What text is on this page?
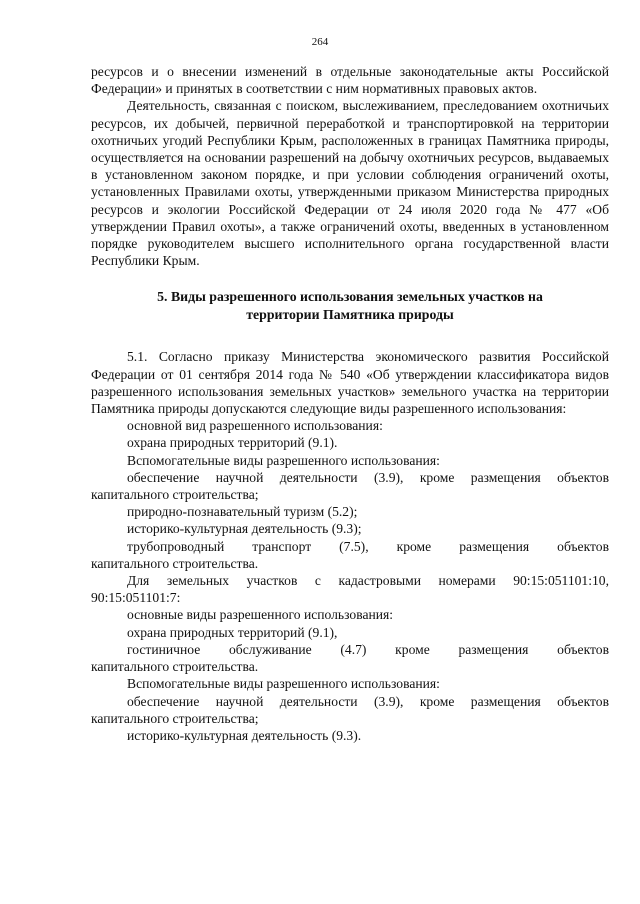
264

ресурсов и о внесении изменений в отдельные законодательные акты Российской Федерации» и принятых в соответствии с ним нормативных правовых актов.

Деятельность, связанная с поиском, выслеживанием, преследованием охотничьих ресурсов, их добычей, первичной переработкой и транспортировкой на территории охотничьих угодий Республики Крым, расположенных в границах Памятника природы, осуществляется на основании разрешений на добычу охотничьих ресурсов, выдаваемых в установленном законом порядке, и при условии соблюдения ограничений охоты, установленных Правилами охоты, утвержденными приказом Министерства природных ресурсов и экологии Российской Федерации от 24 июля 2020 года № 477 «Об утверждении Правил охоты», а также ограничений охоты, введенных в установленном порядке руководителем высшего исполнительного органа государственной власти Республики Крым.

5. Виды разрешенного использования земельных участков на
территории Памятника природы

5.1. Согласно приказу Министерства экономического развития Российской Федерации от 01 сентября 2014 года № 540 «Об утверждении классификатора видов разрешенного использования земельных участков» земельного участка на территории Памятника природы допускаются следующие виды разрешенного использования:

основной вид разрешенного использования:

охрана природных территорий (9.1).

Вспомогательные виды разрешенного использования:

обеспечение научной деятельности (3.9), кроме размещения объектов

капитального строительства;

природно-познавательный туризм (5.2);

историко-культурная деятельность (9.3);

трубопроводный транспорт (7.5), кроме размещения объектов

капитального строительства.

Для земельных участков с кадастровыми номерами 90:15:051101:10,

90:15:051101:7:

основные виды разрешенного использования:

охрана природных территорий (9.1),

гостиничное обслуживание (4.7) кроме размещения объектов

капитального строительства.

Вспомогательные виды разрешенного использования:

обеспечение научной деятельности (3.9), кроме размещения объектов

капитального строительства;

историко-культурная деятельность (9.3).
